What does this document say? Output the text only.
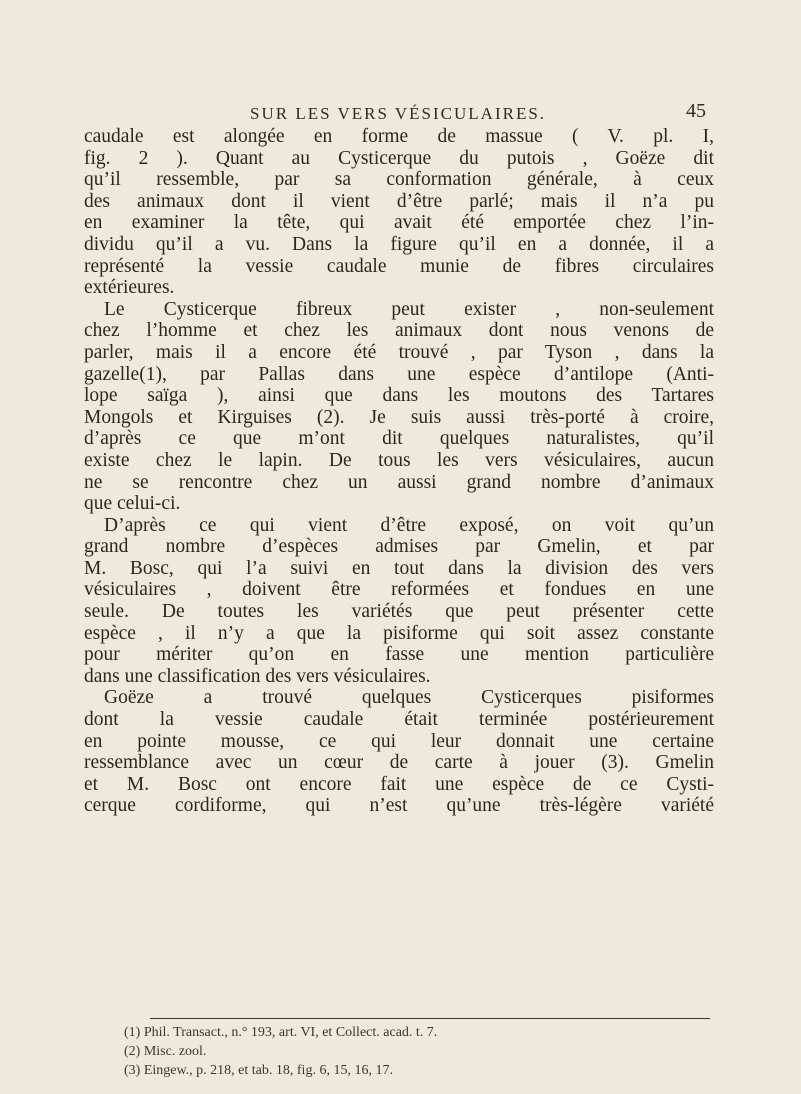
SUR LES VERS VÉSICULAIRES.	45
caudale est alongée en forme de massue ( V. pl. I,
fig. 2 ). Quant au Cysticerque du putois , Goëze dit
qu’il ressemble, par sa conformation générale, à ceux
des animaux dont il vient d’être parlé; mais il n’a pu
en examiner la tête, qui avait été emportée chez l’in-
dividu qu’il a vu. Dans la figure qu’il en a donnée, il a
représenté la vessie caudale munie de fibres circulaires
extérieures.
Le Cysticerque fibreux peut exister , non-seulement
chez l’homme et chez les animaux dont nous venons de
parler, mais il a encore été trouvé , par Tyson , dans la
gazelle(1), par Pallas dans une espèce d’antilope (Anti-
lope saïga ), ainsi que dans les moutons des Tartares
Mongols et Kirguises (2). Je suis aussi très-porté à croire,
d’après ce que m’ont dit quelques naturalistes, qu’il
existe chez le lapin. De tous les vers vésiculaires, aucun
ne se rencontre chez un aussi grand nombre d’animaux
que celui-ci.
D’après ce qui vient d’être exposé, on voit qu’un
grand nombre d’espèces admises par Gmelin, et par
M. Bosc, qui l’a suivi en tout dans la division des vers
vésiculaires , doivent être reformées et fondues en une
seule. De toutes les variétés que peut présenter cette
espèce , il n’y a que la pisiforme qui soit assez constante
pour mériter qu’on en fasse une mention particulière
dans une classification des vers vésiculaires.
Goëze a trouvé quelques Cysticerques pisiformes
dont la vessie caudale était terminée postérieurement
en pointe mousse, ce qui leur donnait une certaine
ressemblance avec un cœur de carte à jouer (3). Gmelin
et M. Bosc ont encore fait une espèce de ce Cysti-
cerque cordiforme, qui n’est qu’une très-légère variété
(1) Phil. Transact., n.° 193, art. VI, et Collect. acad. t. 7.
(2) Misc. zool.
(3) Eingew., p. 218, et tab. 18, fig. 6, 15, 16, 17.
